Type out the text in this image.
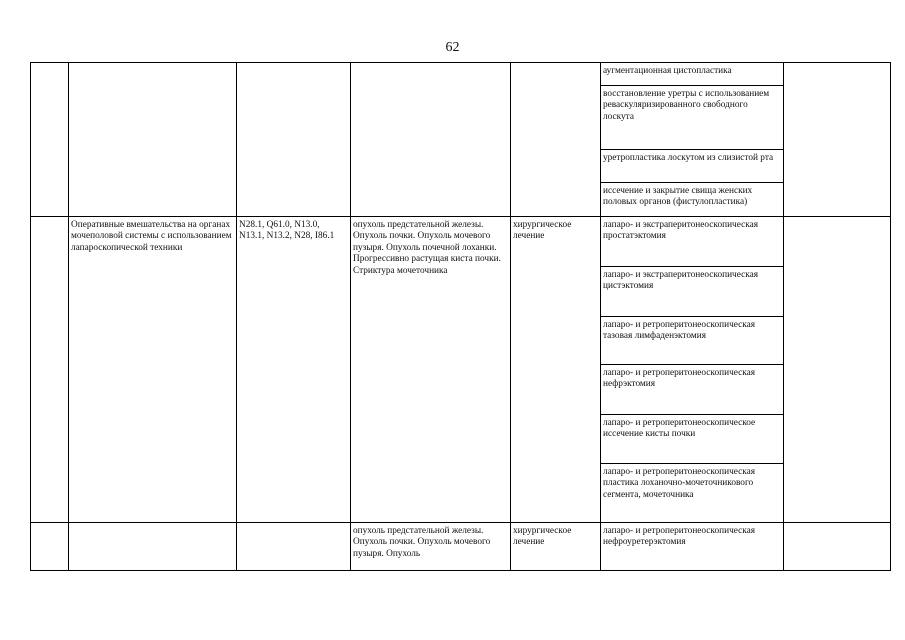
62
аугментационная цистопластика
восстановление уретры с использованием реваскуляризированного свободного лоскута
уретропластика лоскутом из слизистой рта
иссечение и закрытие свища женских половых органов (фистулопластика)
Оперативные вмешательства на органах мочеполовой системы с использованием лапароскопической техники
N28.1, Q61.0, N13.0, N13.1, N13.2, N28, I86.1
опухоль предстательной железы. Опухоль почки. Опухоль мочевого пузыря. Опухоль почечной лоханки. Прогрессивно растущая киста почки. Стриктура мочеточника
хирургическое лечение
лапаро- и экстраперитонеоскопическая простатэктомия
лапаро- и экстраперитонеоскопическая цистэктомия
лапаро- и ретроперитонеоскопическая тазовая лимфаденэктомия
лапаро- и ретроперитонеоскопическая нефрэктомия
лапаро- и ретроперитонеоскопическое иссечение кисты почки
лапаро- и ретроперитонеоскопическая пластика лоханочно-мочеточникового сегмента, мочеточника
опухоль предстательной железы. Опухоль почки. Опухоль мочевого пузыря. Опухоль
хирургическое лечение
лапаро- и ретроперитонеоскопическая нефроуретерэктомия
